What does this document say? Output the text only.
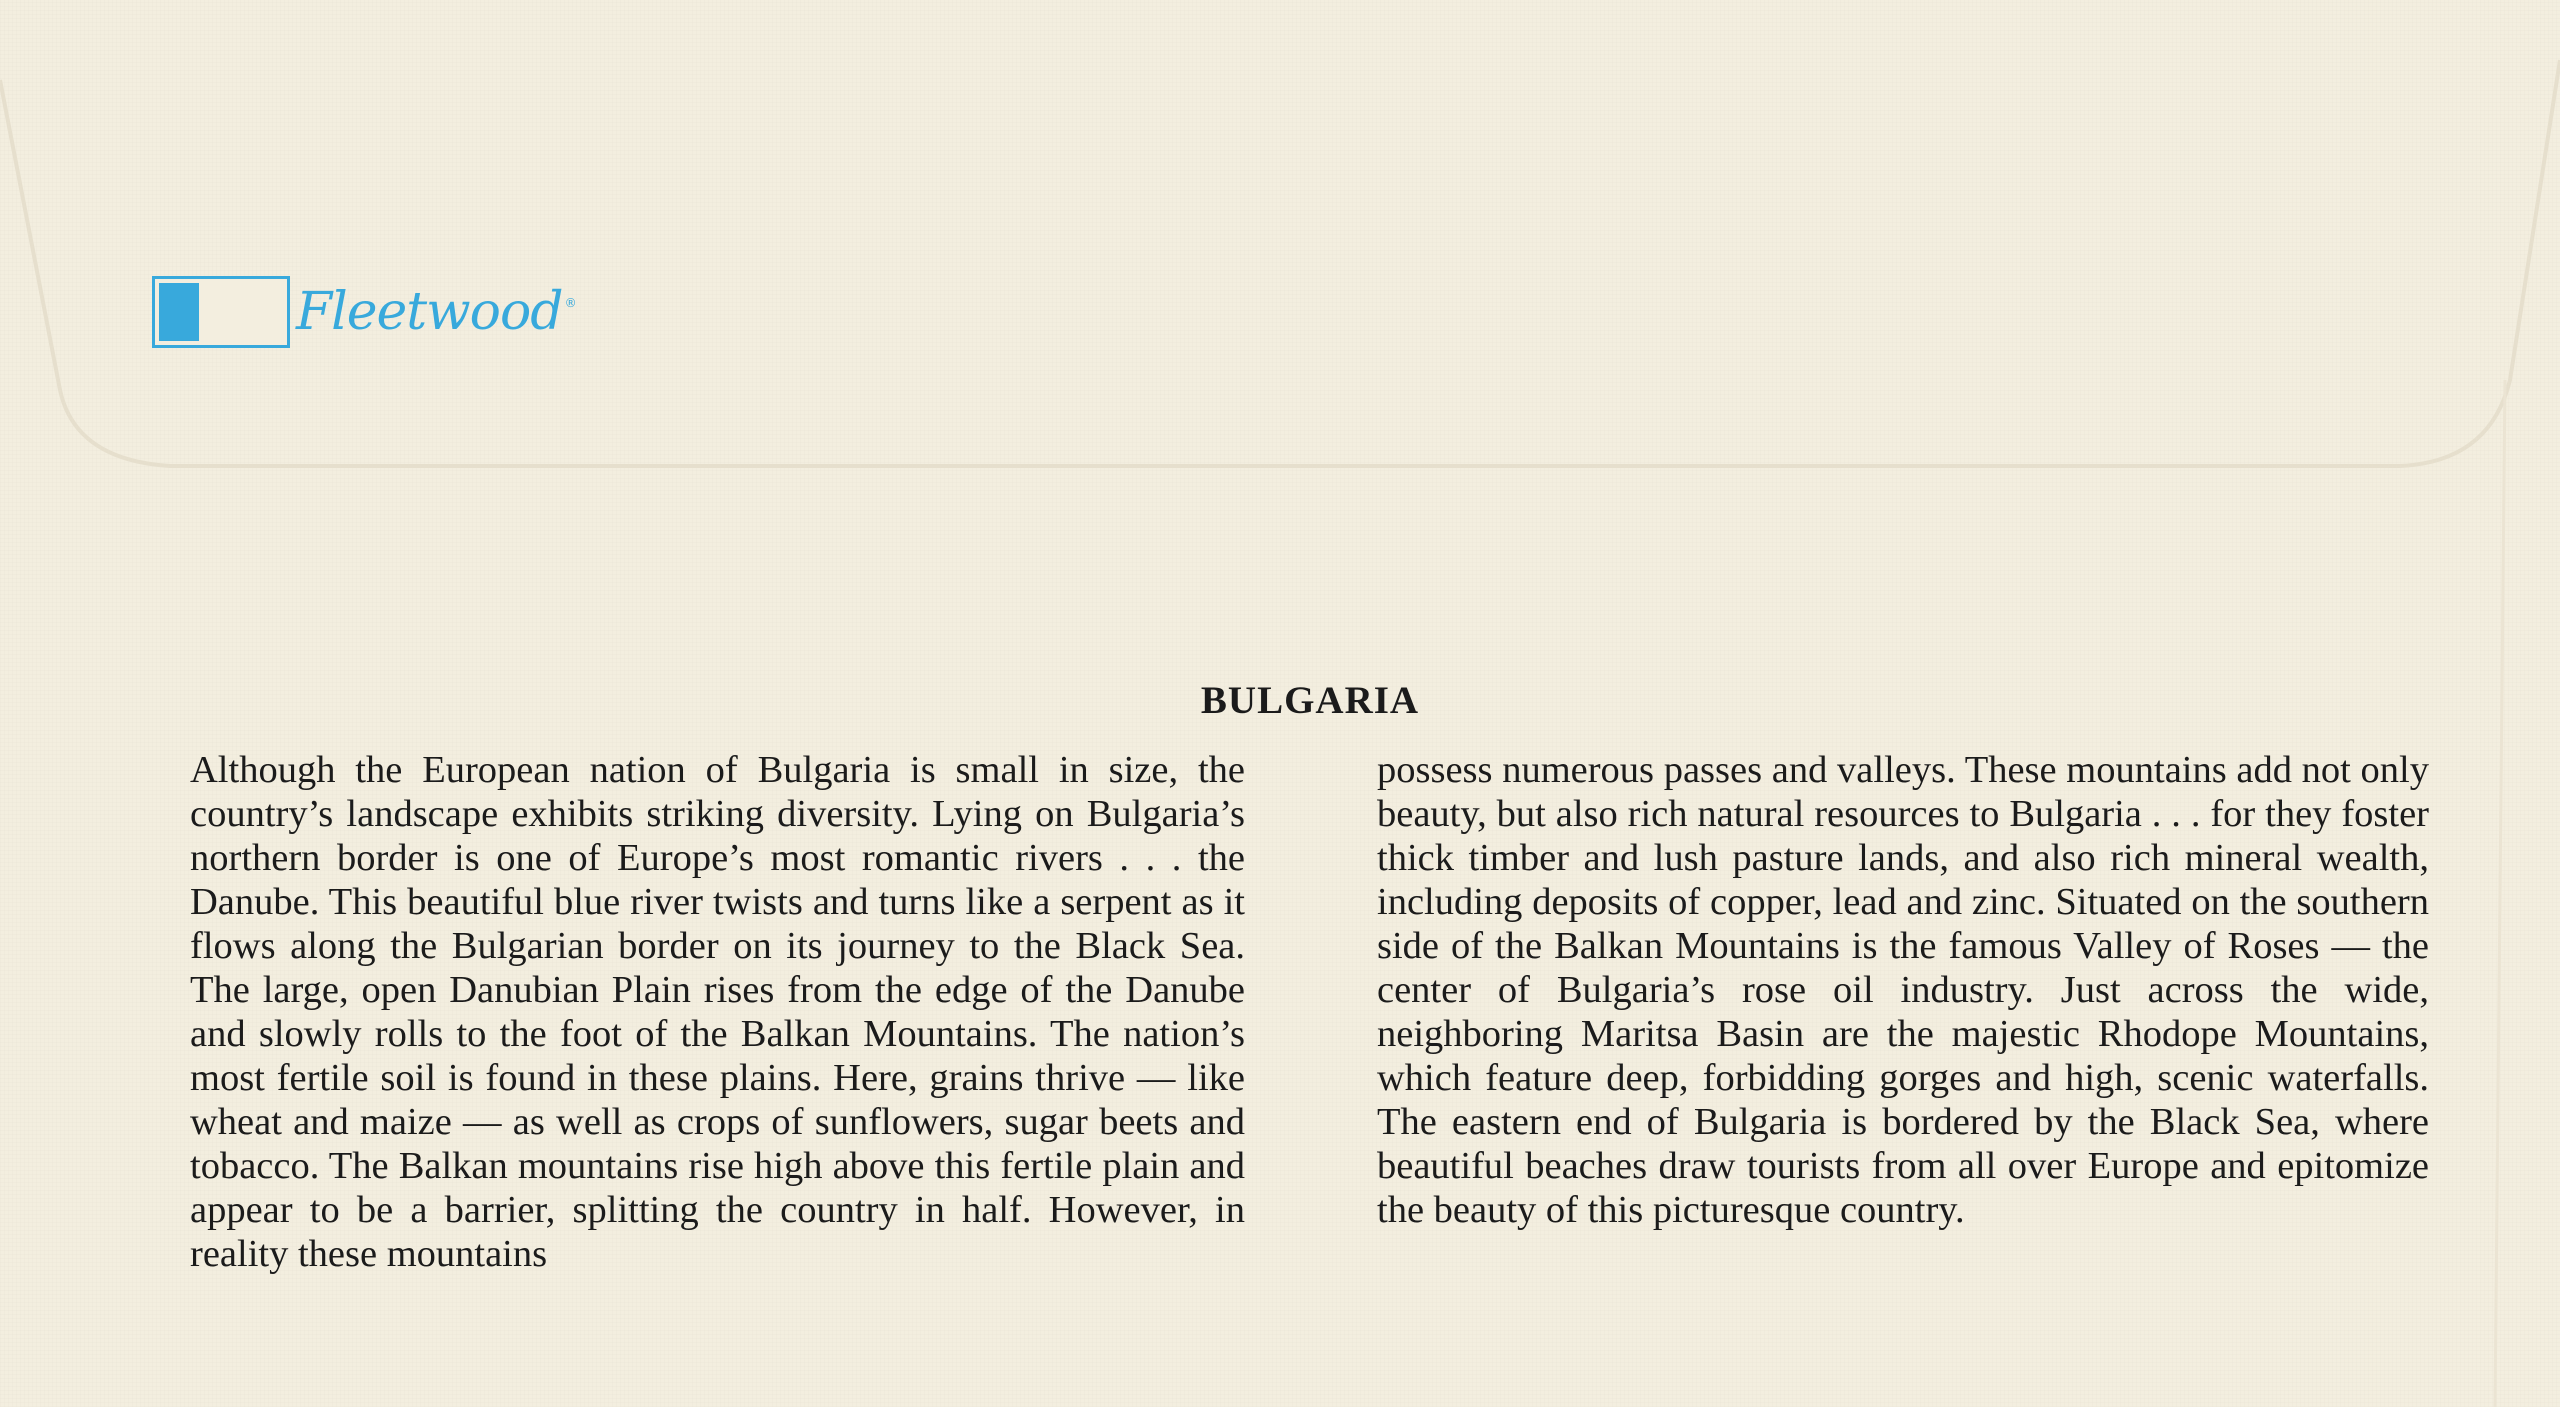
Fleetwood ®
BULGARIA

Although the European nation of Bulgaria is small in size, the country’s landscape exhibits striking diversity. Lying on Bulgaria’s northern border is one of Europe’s most romantic rivers . . . the Danube. This beautiful blue river twists and turns like a serpent as it flows along the Bulgarian border on its journey to the Black Sea. The large, open Danubian Plain rises from the edge of the Danube and slowly rolls to the foot of the Balkan Mountains. The nation’s most fertile soil is found in these plains. Here, grains thrive — like wheat and maize — as well as crops of sunflowers, sugar beets and tobacco. The Balkan mountains rise high above this fertile plain and appear to be a barrier, splitting the country in half. However, in reality these mountains

possess numerous passes and valleys. These mountains add not only beauty, but also rich natural resources to Bulgaria . . . for they foster thick timber and lush pasture lands, and also rich mineral wealth, including deposits of copper, lead and zinc. Situated on the southern side of the Balkan Mountains is the famous Valley of Roses — the center of Bulgaria’s rose oil industry. Just across the wide, neighboring Maritsa Basin are the majestic Rhodope Mountains, which feature deep, forbidding gorges and high, scenic waterfalls. The eastern end of Bulgaria is bordered by the Black Sea, where beautiful beaches draw tourists from all over Europe and epitomize the beauty of this picturesque country.
